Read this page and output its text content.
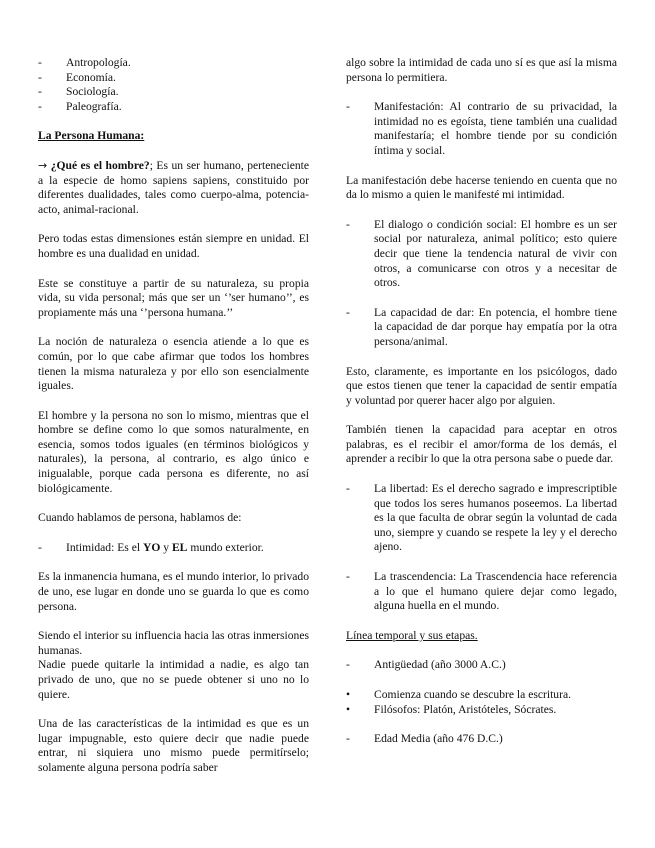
-	Antropología.
-	Economía.
-	Sociología.
-	Paleografía.
La Persona Humana:

→ ¿Qué es el hombre?; Es un ser humano, perteneciente a la especie de homo sapiens sapiens, constituido por diferentes dualidades, tales como cuerpo-alma, potencia-acto, animal-racional.

Pero todas estas dimensiones están siempre en unidad. El hombre es una dualidad en unidad.

Este se constituye a partir de su naturaleza, su propia vida, su vida personal; más que ser un ‘’ser humano’’, es propiamente más una ‘’persona humana.’’

La noción de naturaleza o esencia atiende a lo que es común, por lo que cabe afirmar que todos los hombres tienen la misma naturaleza y por ello son esencialmente iguales.

El hombre y la persona no son lo mismo, mientras que el hombre se define como lo que somos naturalmente, en esencia, somos todos iguales (en términos biológicos y naturales), la persona, al contrario, es algo único e inigualable, porque cada persona es diferente, no así biológicamente.

Cuando hablamos de persona, hablamos de:

-	Intimidad: Es el YO y EL mundo exterior.

Es la inmanencia humana, es el mundo interior, lo privado de uno, ese lugar en donde uno se guarda lo que es como persona.

Siendo el interior su influencia hacia las otras inmersiones humanas.

Nadie puede quitarle la intimidad a nadie, es algo tan privado de uno, que no se puede obtener si uno no lo quiere.

Una de las características de la intimidad es que es un lugar impugnable, esto quiere decir que nadie puede entrar, ni siquiera uno mismo puede permitírselo; solamente alguna persona podría saber

algo sobre la intimidad de cada uno sí es que así la misma persona lo permitiera.

-	Manifestación: Al contrario de su privacidad, la intimidad no es egoísta, tiene también una cualidad manifestaría; el hombre tiende por su condición íntima y social.

La manifestación debe hacerse teniendo en cuenta que no da lo mismo a quien le manifesté mi intimidad.

-	El dialogo o condición social: El hombre es un ser social por naturaleza, animal político; esto quiere decir que tiene la tendencia natural de vivir con otros, a comunicarse con otros y a necesitar de otros.
-	La capacidad de dar: En potencia, el hombre tiene la capacidad de dar porque hay empatía por la otra persona/animal.

Esto, claramente, es importante en los psicólogos, dado que estos tienen que tener la capacidad de sentir empatía y voluntad por querer hacer algo por alguien.

También tienen la capacidad para aceptar en otros palabras, es el recibir el amor/forma de los demás, el aprender a recibir lo que la otra persona sabe o puede dar.

-	La libertad: Es el derecho sagrado e imprescriptible que todos los seres humanos poseemos. La libertad es la que faculta de obrar según la voluntad de cada uno, siempre y cuando se respete la ley y el derecho ajeno.
-	La trascendencia: La Trascendencia hace referencia a lo que el humano quiere dejar como legado, alguna huella en el mundo.
Línea temporal y sus etapas.
-	Antigüedad (año 3000 A.C.)
•	Comienza cuando se descubre la escritura.
•	Filósofos: Platón, Aristóteles, Sócrates.
-	Edad Media (año 476 D.C.)
